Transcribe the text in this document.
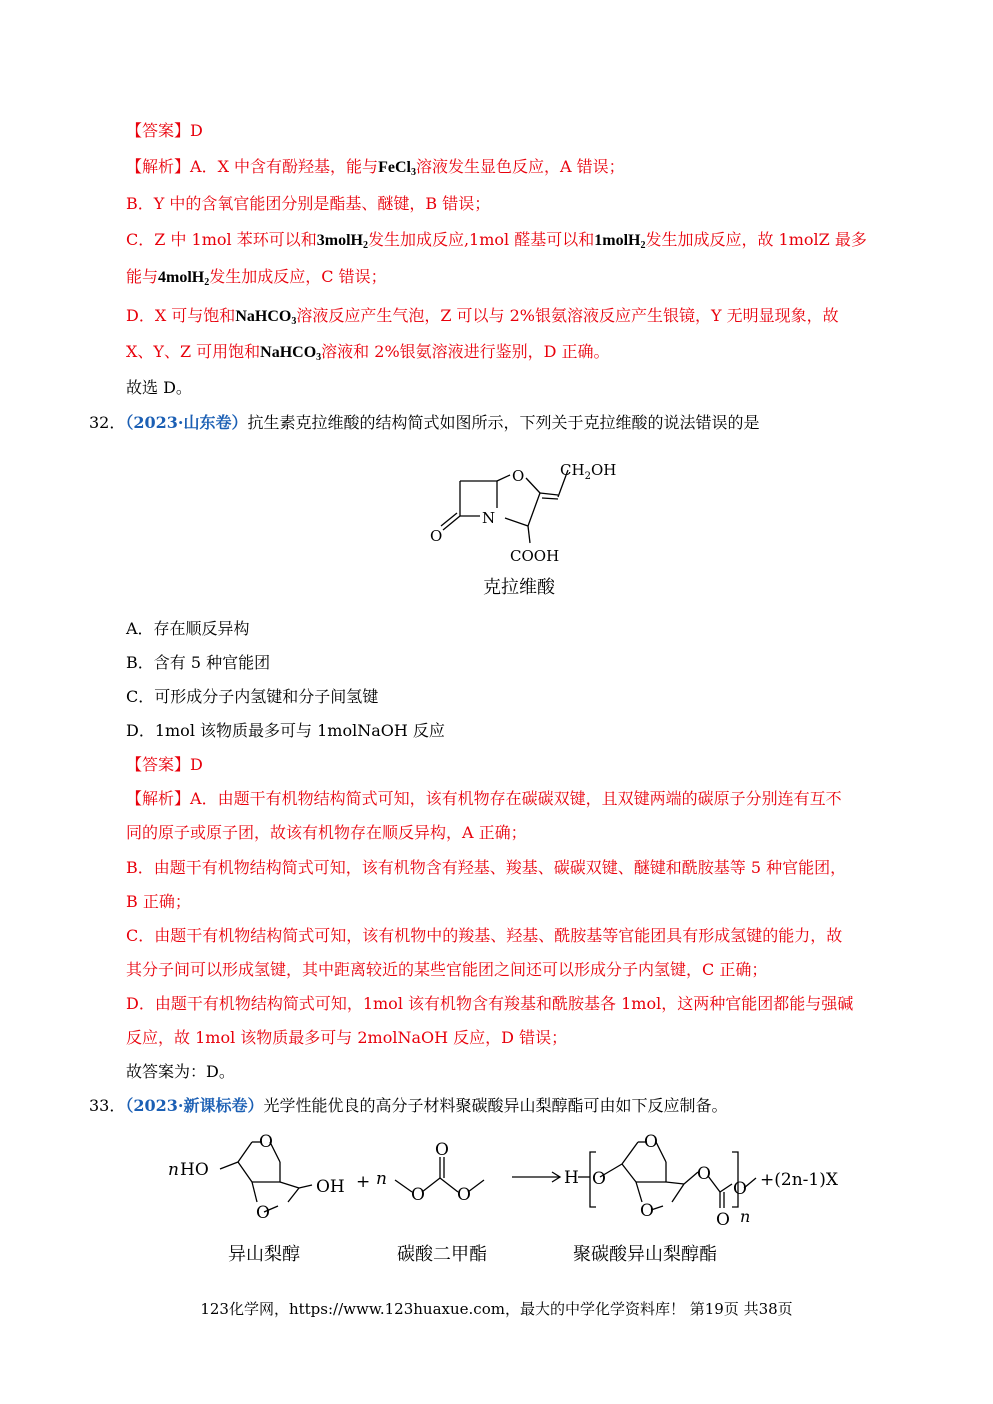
【答案】D
【解析】A．X 中含有酚羟基，能与FeCl$_3$溶液发生显色反应，A 错误；
B．Y 中的含氧官能团分别是酯基、醚键，B 错误；
C．Z 中 1mol 苯环可以和3molH$_2$发生加成反应,1mol 醛基可以和1molH$_2$发生加成反应，故 1molZ 最多
能与4molH$_2$发生加成反应，C 错误；
D．X 可与饱和NaHCO$_3$溶液反应产生气泡，Z 可以与 2%银氨溶液反应产生银镜，Y 无明显现象，故
X、Y、Z 可用饱和NaHCO$_3$溶液和 2%银氨溶液进行鉴别，D 正确。
故选 D。
32．（2023·山东卷）抗生素克拉维酸的结构简式如图所示，下列关于克拉维酸的说法错误的是
O
N
O
$CH_2OH$
COOH
克拉维酸
A．存在顺反异构
B．含有 5 种官能团
C．可形成分子内氢键和分子间氢键
D．1mol 该物质最多可与 1molNaOH 反应
【答案】D
【解析】A．由题干有机物结构简式可知，该有机物存在碳碳双键，且双键两端的碳原子分别连有互不
同的原子或原子团，故该有机物存在顺反异构，A 正确；
B．由题干有机物结构简式可知，该有机物含有羟基、羧基、碳碳双键、醚键和酰胺基等 5 种官能团，
B 正确；
C．由题干有机物结构简式可知，该有机物中的羧基、羟基、酰胺基等官能团具有形成氢键的能力，故
其分子间可以形成氢键，其中距离较近的某些官能团之间还可以形成分子内氢键，C 正确；
D．由题干有机物结构简式可知，1mol 该有机物含有羧基和酰胺基各 1mol，这两种官能团都能与强碱
反应，故 1mol 该物质最多可与 2molNaOH 反应，D 错误；
故答案为：D。
33．（2023·新课标卷）光学性能优良的高分子材料聚碳酸异山梨醇酯可由如下反应制备。
n HO
O
O
OH + n
O
O
O
H O
O
O
O
O
O
n
+(2n-1)X
异山梨醇	碳酸二甲酯	聚碳酸异山梨醇酯
123化学网，https://www.123huaxue.com，最大的中学化学资料库！ 第19页 共38页
